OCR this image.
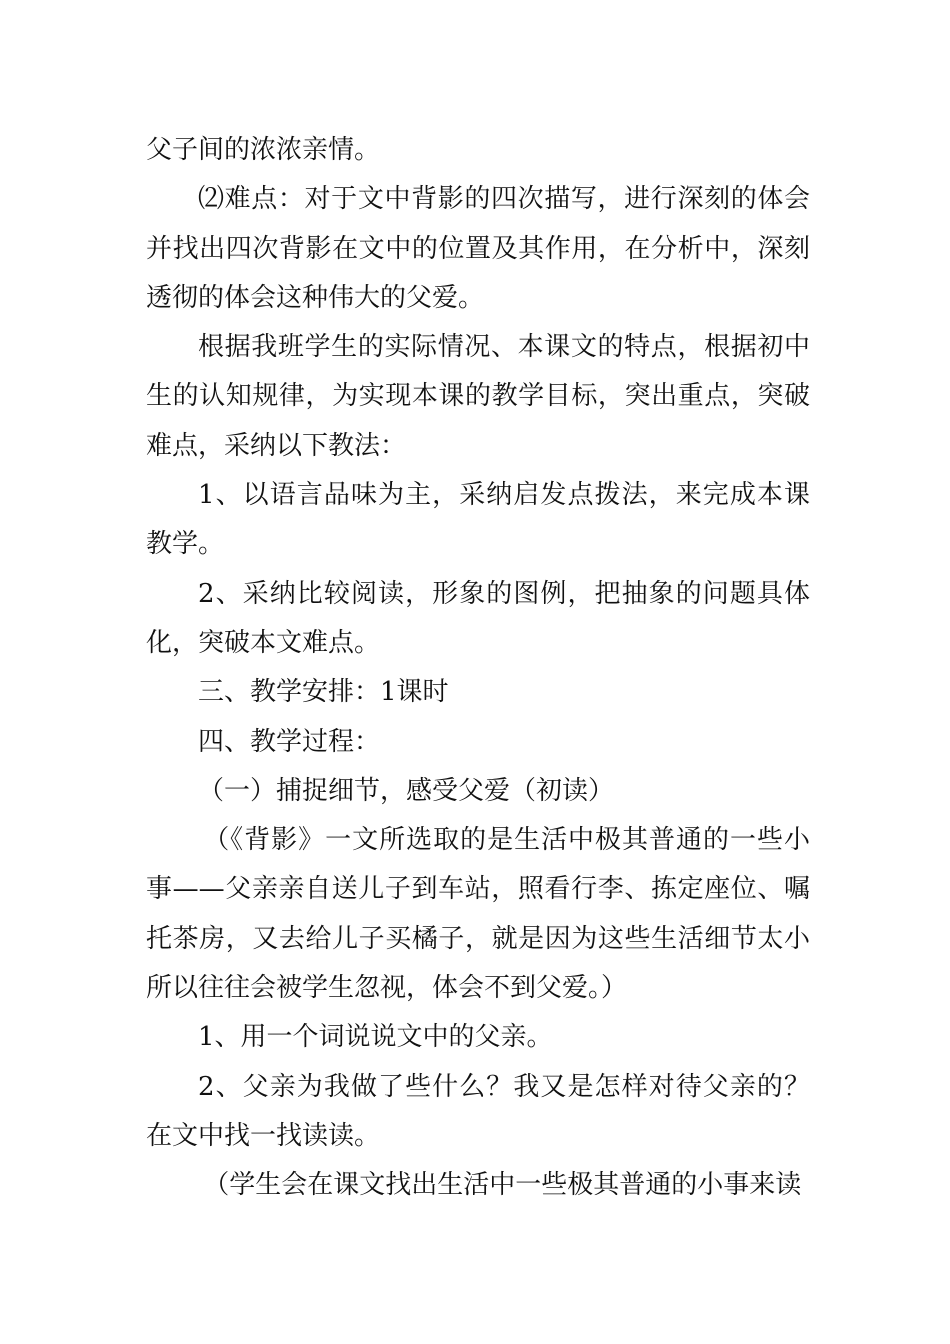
父子间的浓浓亲情。

⑵难点：对于文中背影的四次描写，进行深刻的体会并找出四次背影在文中的位置及其作用，在分析中，深刻透彻的体会这种伟大的父爱。

根据我班学生的实际情况、本课文的特点，根据初中生的认知规律，为实现本课的教学目标，突出重点，突破难点，采纳以下教法：

1、以语言品味为主，采纳启发点拨法，来完成本课教学。

2、采纳比较阅读，形象的图例，把抽象的问题具体化，突破本文难点。

三、教学安排：1课时

四、教学过程：

（一）捕捉细节，感受父爱（初读）

（《背影》一文所选取的是生活中极其普通的一些小事——父亲亲自送儿子到车站，照看行李、拣定座位、嘱托茶房，又去给儿子买橘子，就是因为这些生活细节太小所以往往会被学生忽视，体会不到父爱。）

1、用一个词说说文中的父亲。

2、父亲为我做了些什么？我又是怎样对待父亲的？在文中找一找读读。

（学生会在课文找出生活中一些极其普通的小事来读
